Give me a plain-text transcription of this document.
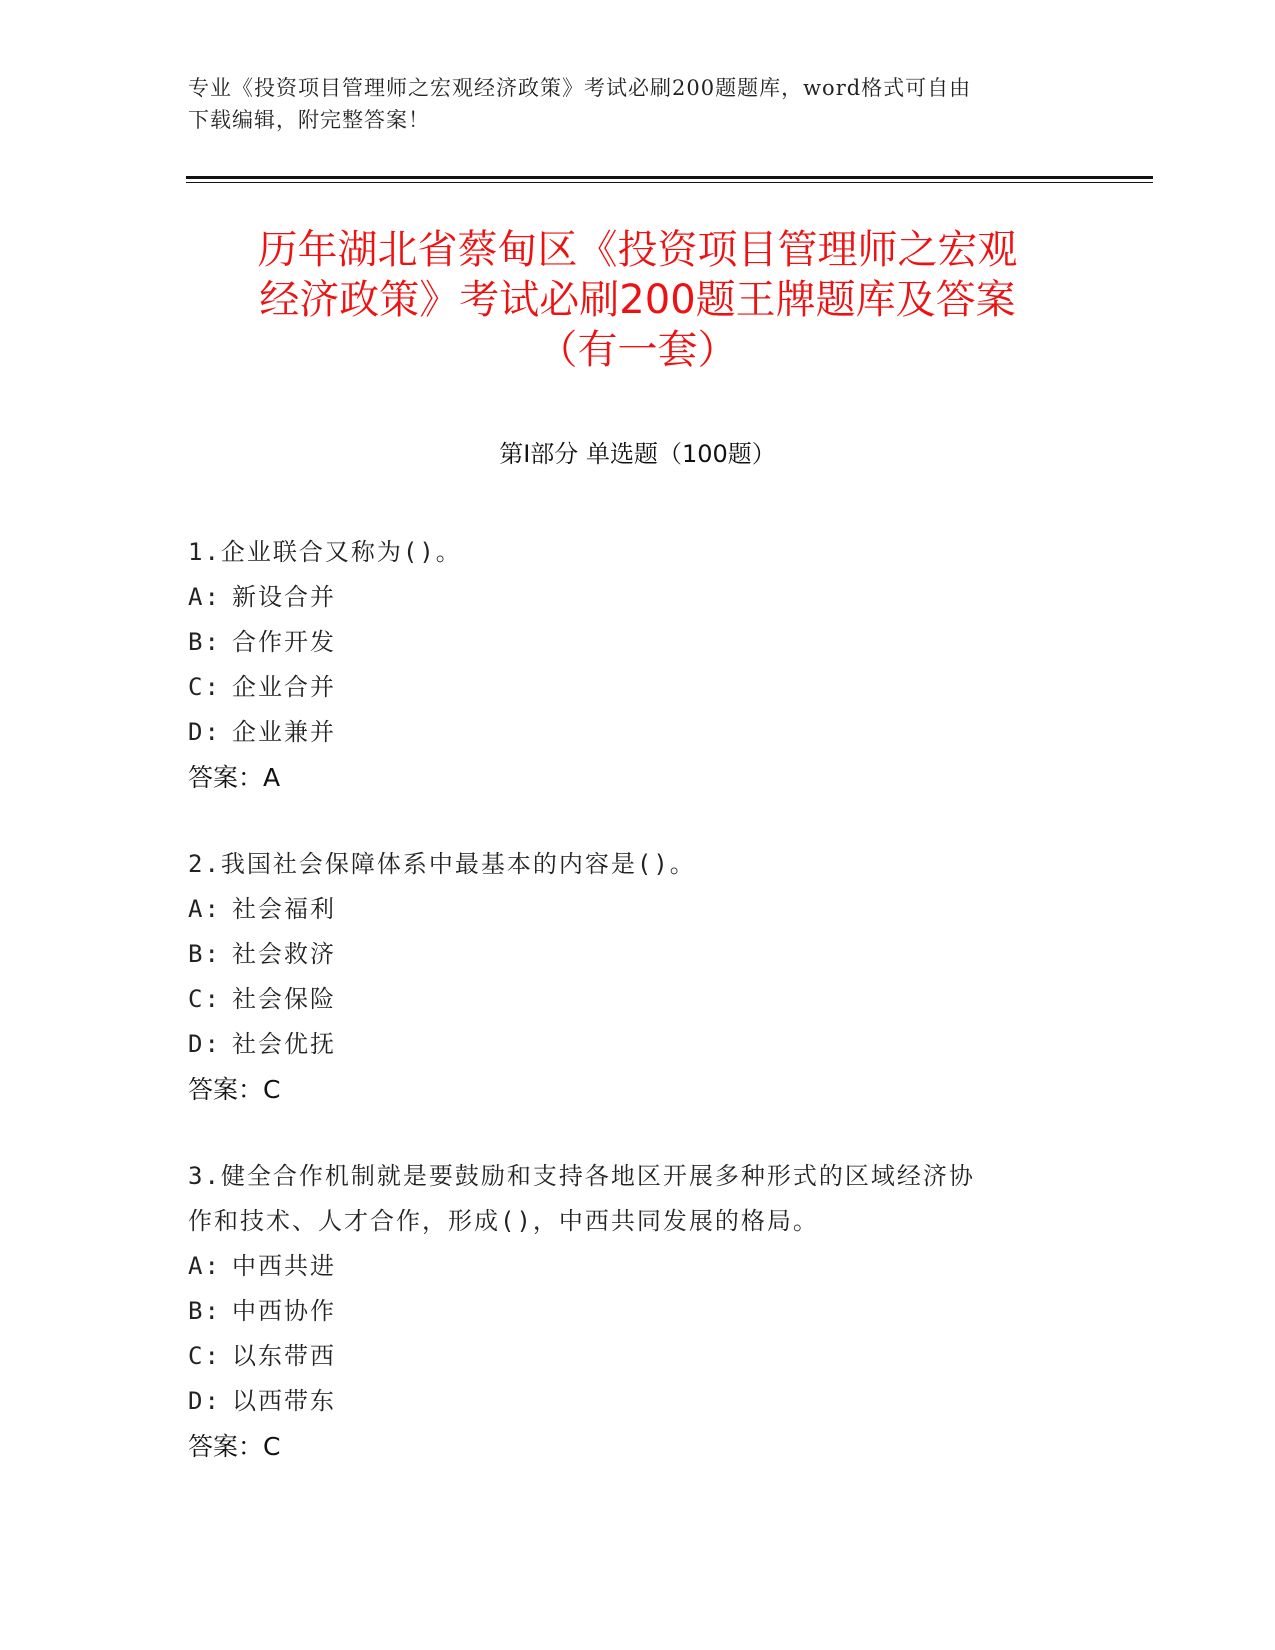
专业《投资项目管理师之宏观经济政策》考试必刷200题题库，word格式可自由
下载编辑，附完整答案！
历年湖北省蔡甸区《投资项目管理师之宏观
经济政策》考试必刷200题王牌题库及答案
（有一套）
第Ⅰ部分 单选题（100题）
1.企业联合又称为()。
A: 新设合并
B: 合作开发
C: 企业合并
D: 企业兼并
答案：A
2.我国社会保障体系中最基本的内容是()。
A: 社会福利
B: 社会救济
C: 社会保险
D: 社会优抚
答案：C
3.健全合作机制就是要鼓励和支持各地区开展多种形式的区域经济协
作和技术、人才合作，形成()，中西共同发展的格局。
A: 中西共进
B: 中西协作
C: 以东带西
D: 以西带东
答案：C
